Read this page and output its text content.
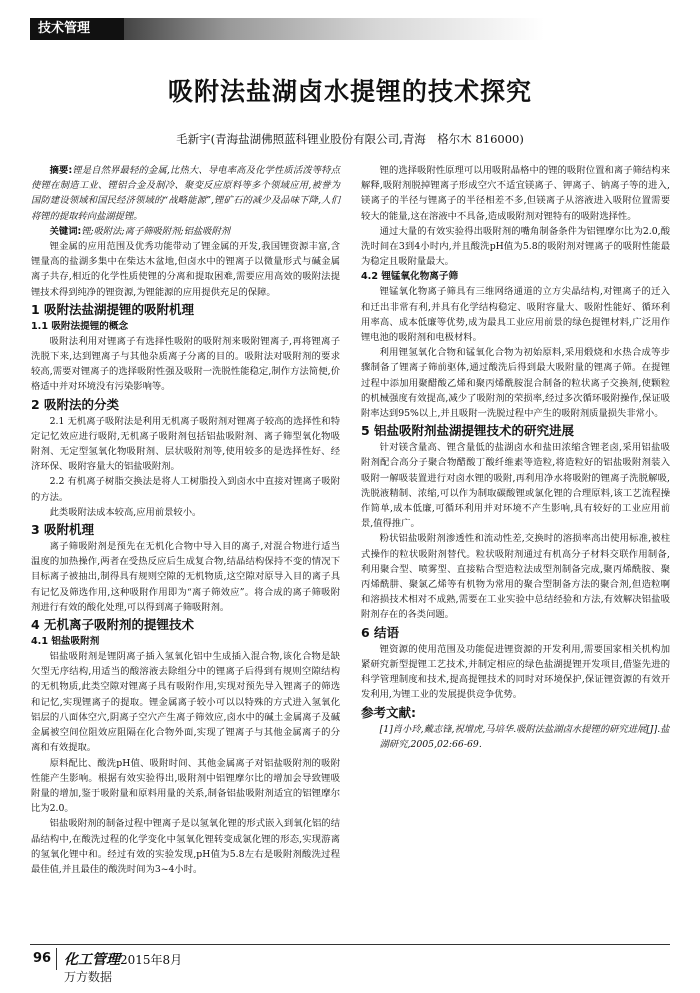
技术管理
吸附法盐湖卤水提锂的技术探究
毛新宇(青海盐湖佛照蓝科锂业股份有限公司,青海　格尔木 816000)

摘要:锂是自然界最轻的金属,比热大、导电率高及化学性质活泼等特点使锂在制造工业、锂铝合金及制冷、聚变反应原料等多个领域应用,被誉为国防建设领域和国民经济领域的“战略能源”,锂矿石的减少及品味下降,人们将锂的提取转向盐湖提锂。

关键词:锂;吸附法;离子筛吸附剂;铝盐吸附剂

锂金属的应用范围及优秀功能带动了锂金属的开发,我国锂资源丰富,含锂量高的盐湖多集中在柴达木盆地,但卤水中的锂离子以微量形式与碱金属离子共存,相近的化学性质使锂的分离和提取困难,需要应用高效的吸附法提锂技术得到纯净的锂资源,为锂能源的应用提供充足的保障。

1 吸附法盐湖提锂的吸附机理
1.1 吸附法提锂的概念

吸附法利用对锂离子有选择性吸附的吸附剂来吸附锂离子,再将锂离子洗脱下来,达到锂离子与其他杂质离子分离的目的。吸附法对吸附剂的要求较高,需要对锂离子的选择吸附性强及吸附一洗脱性能稳定,制作方法简便,价格适中并对环境没有污染影响等。

2 吸附法的分类

2.1 无机离子吸附法是利用无机离子吸附剂对锂离子较高的选择性和特定记忆效应进行吸附,无机离子吸附剂包括铝盐吸附剂、离子筛型氧化物吸附剂、无定型氢氧化物吸附剂、层状吸附剂等,使用较多的是选择性好、经济环保、吸附容量大的铝盐吸附剂。

2.2 有机离子树脂交换法是将人工树脂投入到卤水中直接对锂离子吸附的方法。

此类吸附法成本较高,应用前景较小。

3 吸附机理

离子筛吸附剂是预先在无机化合物中导入目的离子,对混合物进行适当温度的加热操作,两者在受热反应后生成复合物,结晶结构保持不变的情况下目标离子被抽出,制得具有规则空隙的无机物质,这空隙对原导入目的离子具有记忆及筛选作用,这种吸附作用即为“离子筛效应”。将合成的离子筛吸附剂进行有效的酸化处理,可以得到离子筛吸附剂。

4 无机离子吸附剂的提锂技术
4.1 铝盐吸附剂

铝盐吸附剂是锂阴离子插入氢氧化铝中生成插入混合物,该化合物是缺欠型无序结构,用适当的酸溶液去除组分中的锂离子后得到有规则空隙结构的无机物质,此类空隙对锂离子具有吸附作用,实现对预先导入锂离子的筛选和记忆,实现锂离子的提取。锂金属离子较小可以以特殊的方式进入氢氧化铝层的八面体空穴,阴离子空穴产生离子筛效应,卤水中的碱土金属离子及碱金属被空间位阻效应阻隔在化合物外面,实现了锂离子与其他金属离子的分离和有效提取。

原料配比、酸洗pH值、吸附时间、其他金属离子对铝盐吸附剂的吸附性能产生影响。根据有效实验得出,吸附剂中铝锂摩尔比的增加会导致锂吸附量的增加,鉴于吸附量和原料用量的关系,制备铝盐吸附剂适宜的铝锂摩尔比为2.0。

铝盐吸附剂的制备过程中锂离子是以氢氧化锂的形式嵌入到氧化铝的结晶结构中,在酸洗过程的化学变化中氢氧化锂转变成氯化锂的形态,实现游离的氢氧化锂中和。经过有效的实验发现,pH值为5.8左右是吸附剂酸洗过程最佳值,并且最佳的酸洗时间为3~4小时。

锂的选择吸附性原理可以用吸附晶格中的锂的吸附位置和离子筛结构来解释,吸附剂脱掉锂离子形成空穴不适宜镁离子、钾离子、钠离子等的进入,镁离子的半径与锂离子的半径相差不多,但镁离子从溶液进入吸附位置需要较大的能量,这在溶液中不具备,造成吸附剂对锂特有的吸附选择性。

通过大量的有效实验得出吸附剂的嘴角制备条件为铝锂摩尔比为2.0,酸洗时间在3到4小时内,并且酸洗pH值为5.8的吸附剂对锂离子的吸附性能最为稳定且吸附量最大。

4.2 锂锰氧化物离子筛

锂锰氧化物离子筛具有三维网络通道的立方尖晶结构,对锂离子的迁入和迁出非常有利,并具有化学结构稳定、吸附容量大、吸附性能好、循环利用率高、成本低廉等优势,成为最具工业应用前景的绿色提锂材料,广泛用作锂电池的吸附剂和电极材料。

利用锂氢氧化合物和锰氧化合物为初始原料,采用煅烧和水热合成等步骤制备了锂离子筛前驱体,通过酸洗后得到最大吸附量的锂离子筛。在提锂过程中添加用聚醋酸乙烯和聚丙烯酰胺混合制备的粒状离子交换剂,使颗粒的机械强度有效提高,减少了吸附剂的荣损率,经过多次循环吸附操作,保证吸附率达到95%以上,并且吸附一洗脱过程中产生的吸附剂质量损失非常小。

5 铝盐吸附剂盐湖提锂技术的研究进展

针对镁含量高、锂含量低的盐湖卤水和盐田浓缩含锂老卤,采用铝盐吸附剂配合高分子聚合物醋酸丁酸纤维素等造粒,将造粒好的铝盐吸附剂装入吸附一解吸装置进行对卤水锂的吸附,再利用净水将吸附的锂离子洗脱解吸,洗脱液精制、浓缩,可以作为制取碳酸锂或氯化锂的合理原料,该工艺流程操作简单,成本低廉,可循环利用并对环境不产生影响,具有较好的工业应用前景,值得推广。

粉状铝盐吸附剂渗透性和流动性差,交换时的溶损率高出使用标准,被柱式操作的粒状吸附剂替代。粒状吸附剂通过有机高分子材料交联作用制备,利用聚合型、喷雾型、直接粘合型造粒法成型剂制备完成,聚丙烯酰胺、聚丙烯酰肼、聚氯乙烯等有机物为常用的聚合型制备方法的聚合剂,但造粒啊和溶损技术相对不成熟,需要在工业实验中总结经验和方法,有效解决铝盐吸附剂存在的各类问题。

6 结语

锂资源的使用范围及功能促进锂资源的开发利用,需要国家相关机构加紧研究新型提锂工艺技术,并制定相应的绿色盐湖提锂开发项目,借鉴先进的科学管理制度和技术,提高提锂技术的同时对环境保护,保证锂资源的有效开发利用,为锂工业的发展提供竞争优势。

参考文献:

[1]肖小玲,戴志锋,祝增虎,马培华.吸附法盐湖卤水提锂的研究进展[J].盐湖研究,2005,02:66-69.

96 化工管理 2015年8月
万方数据
